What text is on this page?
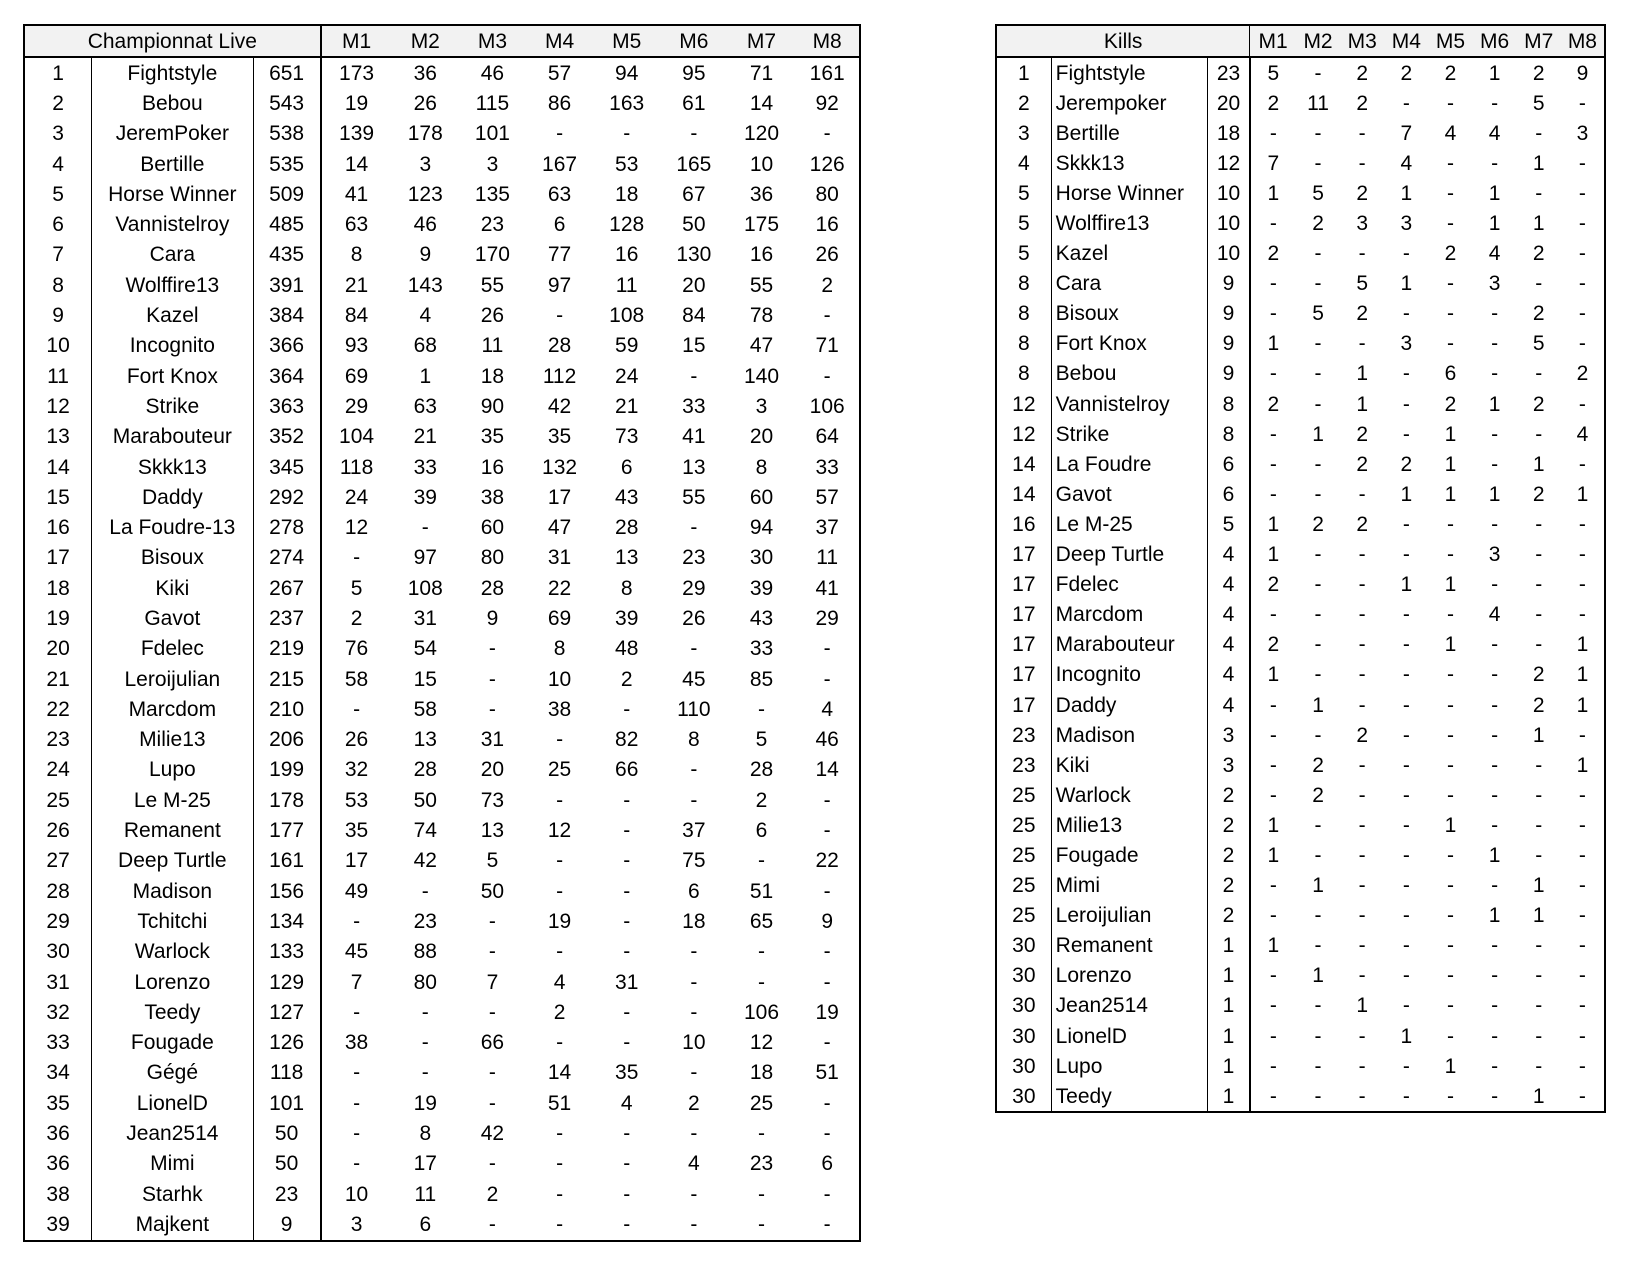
Championnat Live			M1	M2	M3	M4	M5	M6	M7	M8
1	Fightstyle	651	173	36	46	57	94	95	71	161
2	Bebou	543	19	26	115	86	163	61	14	92
3	JeremPoker	538	139	178	101	-	-	-	120	-
4	Bertille	535	14	3	3	167	53	165	10	126
5	Horse Winner	509	41	123	135	63	18	67	36	80
6	Vannistelroy	485	63	46	23	6	128	50	175	16
7	Cara	435	8	9	170	77	16	130	16	26
8	Wolffire13	391	21	143	55	97	11	20	55	2
9	Kazel	384	84	4	26	-	108	84	78	-
10	Incognito	366	93	68	11	28	59	15	47	71
11	Fort Knox	364	69	1	18	112	24	-	140	-
12	Strike	363	29	63	90	42	21	33	3	106
13	Marabouteur	352	104	21	35	35	73	41	20	64
14	Skkk13	345	118	33	16	132	6	13	8	33
15	Daddy	292	24	39	38	17	43	55	60	57
16	La Foudre-13	278	12	-	60	47	28	-	94	37
17	Bisoux	274	-	97	80	31	13	23	30	11
18	Kiki	267	5	108	28	22	8	29	39	41
19	Gavot	237	2	31	9	69	39	26	43	29
20	Fdelec	219	76	54	-	8	48	-	33	-
21	Leroijulian	215	58	15	-	10	2	45	85	-
22	Marcdom	210	-	58	-	38	-	110	-	4
23	Milie13	206	26	13	31	-	82	8	5	46
24	Lupo	199	32	28	20	25	66	-	28	14
25	Le M-25	178	53	50	73	-	-	-	2	-
26	Remanent	177	35	74	13	12	-	37	6	-
27	Deep Turtle	161	17	42	5	-	-	75	-	22
28	Madison	156	49	-	50	-	-	6	51	-
29	Tchitchi	134	-	23	-	19	-	18	65	9
30	Warlock	133	45	88	-	-	-	-	-	-
31	Lorenzo	129	7	80	7	4	31	-	-	-
32	Teedy	127	-	-	-	2	-	-	106	19
33	Fougade	126	38	-	66	-	-	10	12	-
34	Gégé	118	-	-	-	14	35	-	18	51
35	LionelD	101	-	19	-	51	4	2	25	-
36	Jean2514	50	-	8	42	-	-	-	-	-
36	Mimi	50	-	17	-	-	-	4	23	6
38	Starhk	23	10	11	2	-	-	-	-	-
39	Majkent	9	3	6	-	-	-	-	-	-
Kills			M1	M2	M3	M4	M5	M6	M7	M8
1	Fightstyle	23	5	-	2	2	2	1	2	9
2	Jerempoker	20	2	11	2	-	-	-	5	-
3	Bertille	18	-	-	-	7	4	4	-	3
4	Skkk13	12	7	-	-	4	-	-	1	-
5	Horse Winner	10	1	5	2	1	-	1	-	-
5	Wolffire13	10	-	2	3	3	-	1	1	-
5	Kazel	10	2	-	-	-	2	4	2	-
8	Cara	9	-	-	5	1	-	3	-	-
8	Bisoux	9	-	5	2	-	-	-	2	-
8	Fort Knox	9	1	-	-	3	-	-	5	-
8	Bebou	9	-	-	1	-	6	-	-	2
12	Vannistelroy	8	2	-	1	-	2	1	2	-
12	Strike	8	-	1	2	-	1	-	-	4
14	La Foudre	6	-	-	2	2	1	-	1	-
14	Gavot	6	-	-	-	1	1	1	2	1
16	Le M-25	5	1	2	2	-	-	-	-	-
17	Deep Turtle	4	1	-	-	-	-	3	-	-
17	Fdelec	4	2	-	-	1	1	-	-	-
17	Marcdom	4	-	-	-	-	-	4	-	-
17	Marabouteur	4	2	-	-	-	1	-	-	1
17	Incognito	4	1	-	-	-	-	-	2	1
17	Daddy	4	-	1	-	-	-	-	2	1
23	Madison	3	-	-	2	-	-	-	1	-
23	Kiki	3	-	2	-	-	-	-	-	1
25	Warlock	2	-	2	-	-	-	-	-	-
25	Milie13	2	1	-	-	-	1	-	-	-
25	Fougade	2	1	-	-	-	-	1	-	-
25	Mimi	2	-	1	-	-	-	-	1	-
25	Leroijulian	2	-	-	-	-	-	1	1	-
30	Remanent	1	1	-	-	-	-	-	-	-
30	Lorenzo	1	-	1	-	-	-	-	-	-
30	Jean2514	1	-	-	1	-	-	-	-	-
30	LionelD	1	-	-	-	1	-	-	-	-
30	Lupo	1	-	-	-	-	1	-	-	-
30	Teedy	1	-	-	-	-	-	-	1	-
